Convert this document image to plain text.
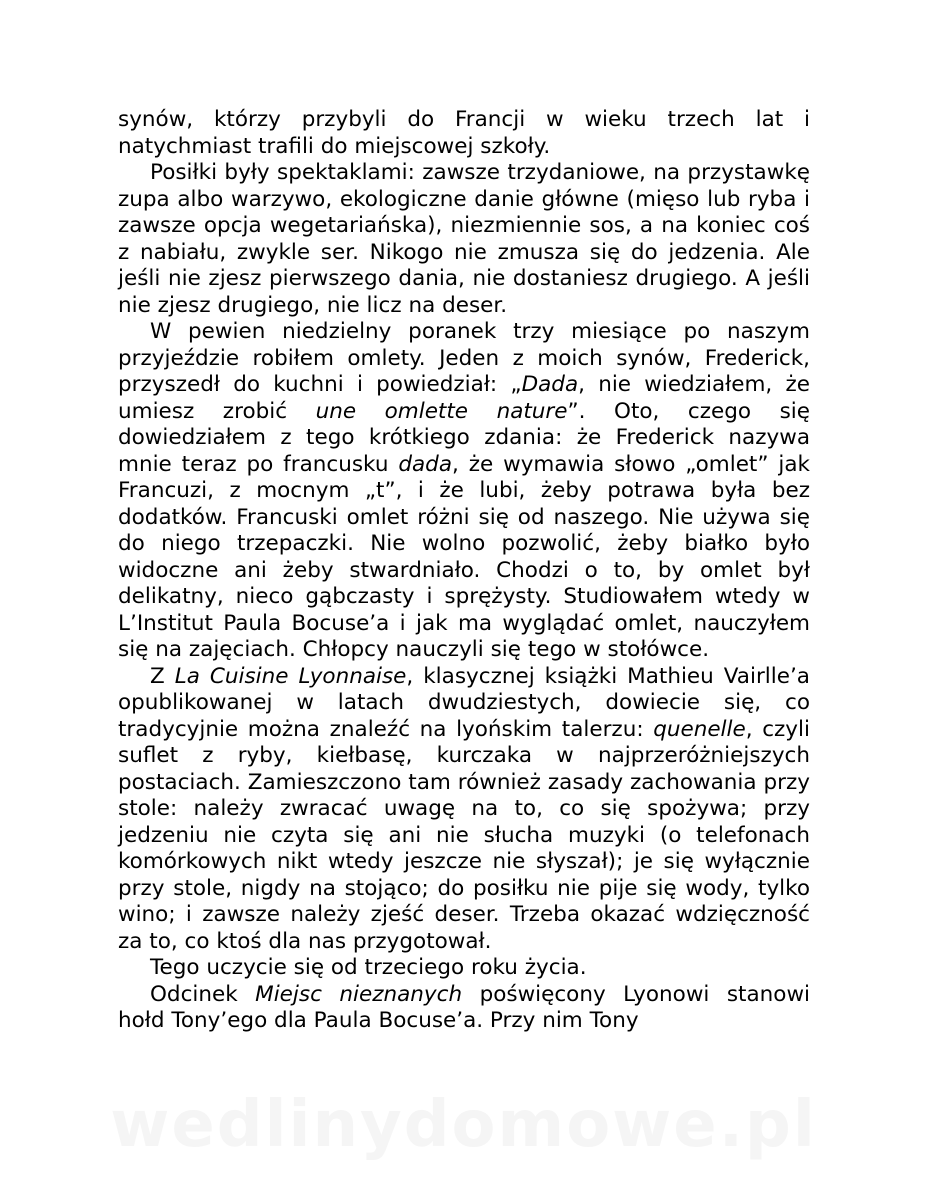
synów, którzy przybyli do Francji w wieku trzech lat i natychmiast trafili do miejscowej szkoły.

Posiłki były spektaklami: zawsze trzydaniowe, na przystawkę zupa albo warzywo, ekologiczne danie główne (mięso lub ryba i zawsze opcja wegetariańska), niezmiennie sos, a na koniec coś z nabiału, zwykle ser. Nikogo nie zmusza się do jedzenia. Ale jeśli nie zjesz pierwszego dania, nie dostaniesz drugiego. A jeśli nie zjesz drugiego, nie licz na deser.

W pewien niedzielny poranek trzy miesiące po naszym przyjeździe robiłem omlety. Jeden z moich synów, Frederick, przyszedł do kuchni i powiedział: „Dada, nie wiedziałem, że umiesz zrobić une omlette nature”. Oto, czego się dowiedziałem z tego krótkiego zdania: że Frederick nazywa mnie teraz po francusku dada, że wymawia słowo „omlet” jak Francuzi, z mocnym „t”, i że lubi, żeby potrawa była bez dodatków. Francuski omlet różni się od naszego. Nie używa się do niego trzepaczki. Nie wolno pozwolić, żeby białko było widoczne ani żeby stwardniało. Chodzi o to, by omlet był delikatny, nieco gąbczasty i sprężysty. Studiowałem wtedy w L’Institut Paula Bocuse’a i jak ma wyglądać omlet, nauczyłem się na zajęciach. Chłopcy nauczyli się tego w stołówce.

Z La Cuisine Lyonnaise, klasycznej książki Mathieu Vairlle’a opublikowanej w latach dwudziestych, dowiecie się, co tradycyjnie można znaleźć na lyońskim talerzu: quenelle, czyli suflet z ryby, kiełbasę, kurczaka w najprzeróżniejszych postaciach. Zamieszczono tam również zasady zachowania przy stole: należy zwracać uwagę na to, co się spożywa; przy jedzeniu nie czyta się ani nie słucha muzyki (o telefonach komórkowych nikt wtedy jeszcze nie słyszał); je się wyłącznie przy stole, nigdy na stojąco; do posiłku nie pije się wody, tylko wino; i zawsze należy zjeść deser. Trzeba okazać wdzięczność za to, co ktoś dla nas przygotował.

Tego uczycie się od trzeciego roku życia.

Odcinek Miejsc nieznanych poświęcony Lyonowi stanowi hołd Tony’ego dla Paula Bocuse’a. Przy nim Tony

wedlinydomowe.pl
